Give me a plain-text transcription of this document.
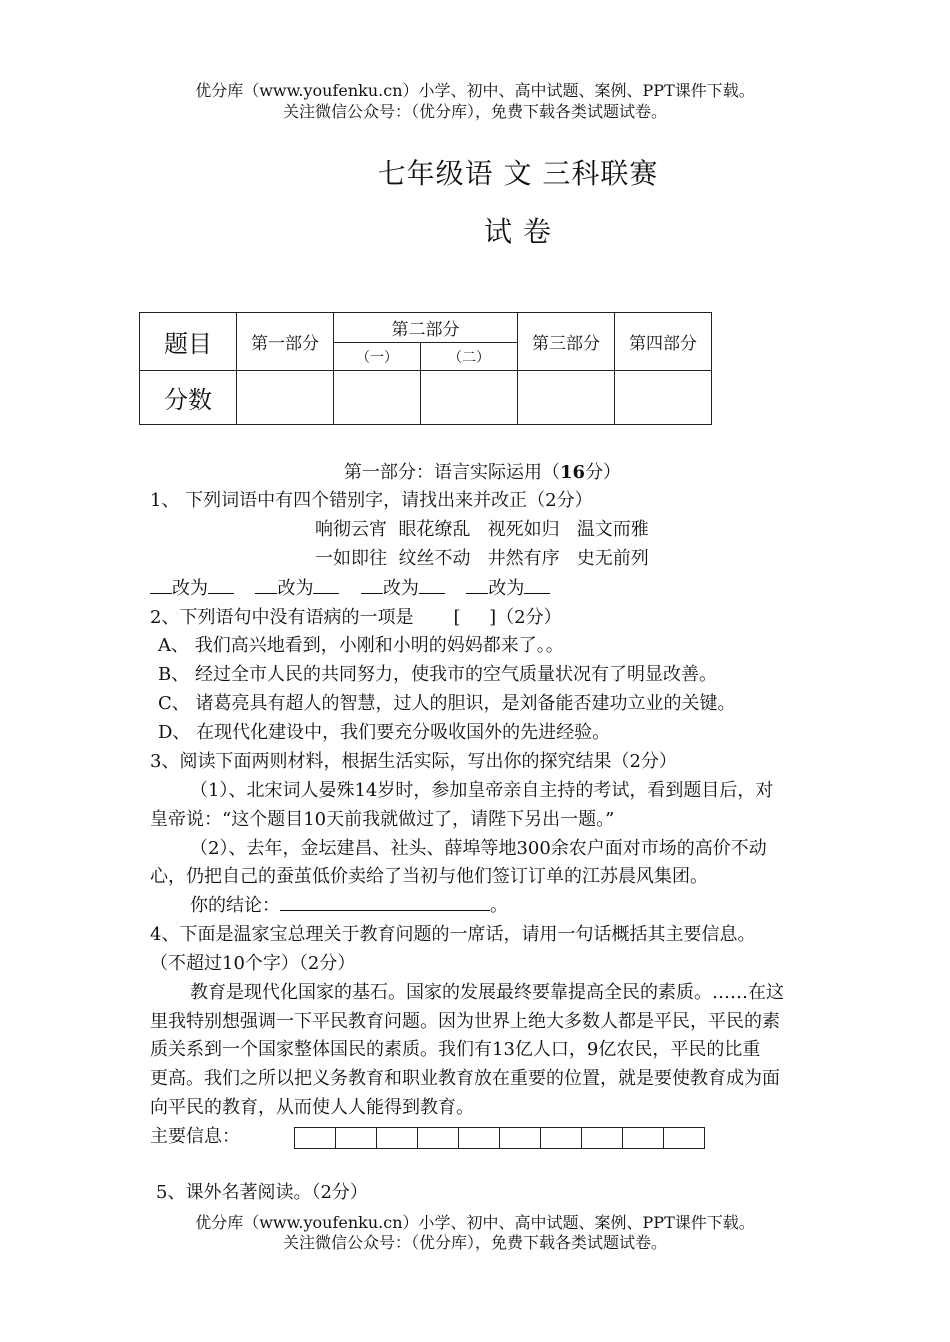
优分库（www.youfenku.cn）小学、初中、高中试题、案例、PPT课件下载。
关注微信公众号：（优分库），免费下载各类试题试卷。
七年级语 文 三科联赛
试 卷
题目	第一部分	第二部分		第三部分	第四部分
		（一）	（二）		
分数					
第一部分：语言实际运用（16分）
1、 下列词语中有四个错别字，请找出来并改正（2分）
响彻云宵  眼花缭乱   视死如归   温文而雅
一如即往  纹丝不动   井然有序   史无前列
改为	改为	改为	改为
2、下列语句中没有语病的一项是 [     ]（2分）
A、 我们高兴地看到，小刚和小明的妈妈都来了。。
B、 经过全市人民的共同努力，使我市的空气质量状况有了明显改善。
C、 诸葛亮具有超人的智慧，过人的胆识，是刘备能否建功立业的关键。
D、 在现代化建设中，我们要充分吸收国外的先进经验。
3、阅读下面两则材料，根据生活实际，写出你的探究结果（2分）
（1）、北宋词人晏殊14岁时，参加皇帝亲自主持的考试，看到题目后，对
皇帝说：“这个题目10天前我就做过了，请陛下另出一题。”
（2）、去年，金坛建昌、社头、薛埠等地300余农户面对市场的高价不动
心，仍把自己的蚕茧低价卖给了当初与他们签订订单的江苏晨风集团。
你的结论：	。
4、下面是温家宝总理关于教育问题的一席话，请用一句话概括其主要信息。
（不超过10个字）（2分）
教育是现代化国家的基石。国家的发展最终要靠提高全民的素质。……在这
里我特别想强调一下平民教育问题。因为世界上绝大多数人都是平民，平民的素
质关系到一个国家整体国民的素质。我们有13亿人口，9亿农民，平民的比重
更高。我们之所以把义务教育和职业教育放在重要的位置，就是要使教育成为面
向平民的教育，从而使人人能得到教育。
主要信息：

5、课外名著阅读。（2分）
优分库（www.youfenku.cn）小学、初中、高中试题、案例、PPT课件下载。
关注微信公众号：（优分库），免费下载各类试题试卷。
